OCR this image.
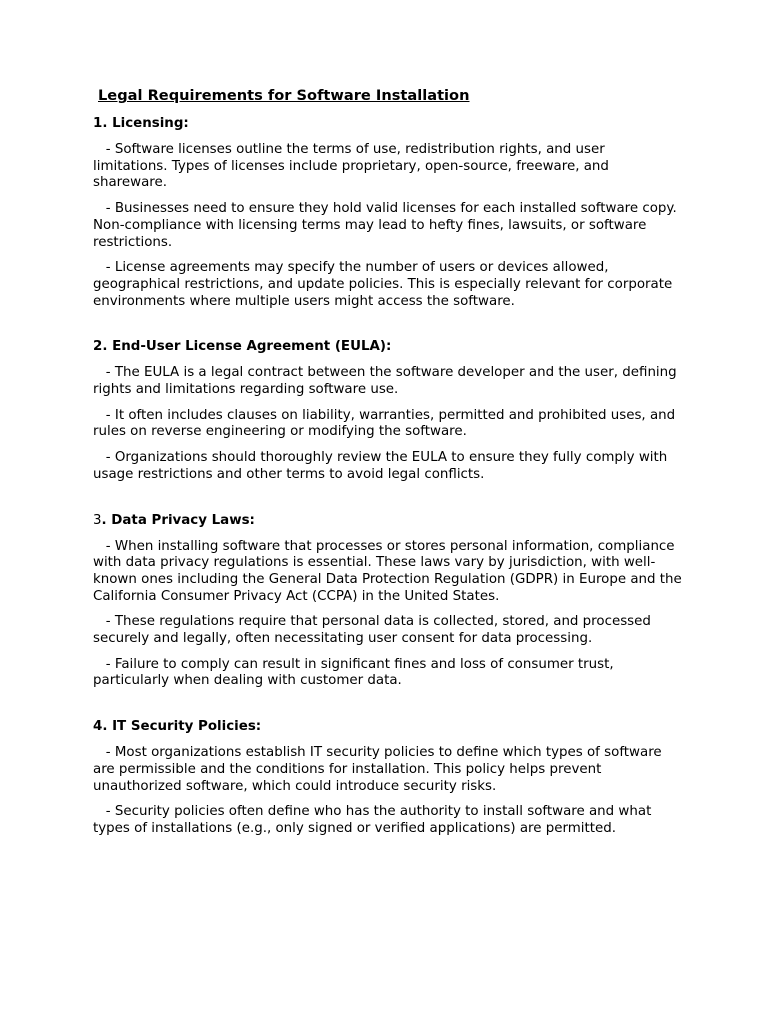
Legal Requirements for Software Installation
1. Licensing:

- Software licenses outline the terms of use, redistribution rights, and user limitations. Types of licenses include proprietary, open-source, freeware, and shareware.

- Businesses need to ensure they hold valid licenses for each installed software copy. Non-compliance with licensing terms may lead to hefty fines, lawsuits, or software restrictions.

- License agreements may specify the number of users or devices allowed, geographical restrictions, and update policies. This is especially relevant for corporate environments where multiple users might access the software.

2. End-User License Agreement (EULA):

- The EULA is a legal contract between the software developer and the user, defining rights and limitations regarding software use.

- It often includes clauses on liability, warranties, permitted and prohibited uses, and rules on reverse engineering or modifying the software.

- Organizations should thoroughly review the EULA to ensure they fully comply with usage restrictions and other terms to avoid legal conflicts.

3. Data Privacy Laws:

- When installing software that processes or stores personal information, compliance with data privacy regulations is essential. These laws vary by jurisdiction, with well-known ones including the General Data Protection Regulation (GDPR) in Europe and the California Consumer Privacy Act (CCPA) in the United States.

- These regulations require that personal data is collected, stored, and processed securely and legally, often necessitating user consent for data processing.

- Failure to comply can result in significant fines and loss of consumer trust, particularly when dealing with customer data.

4. IT Security Policies:

- Most organizations establish IT security policies to define which types of software are permissible and the conditions for installation. This policy helps prevent unauthorized software, which could introduce security risks.

- Security policies often define who has the authority to install software and what types of installations (e.g., only signed or verified applications) are permitted.
